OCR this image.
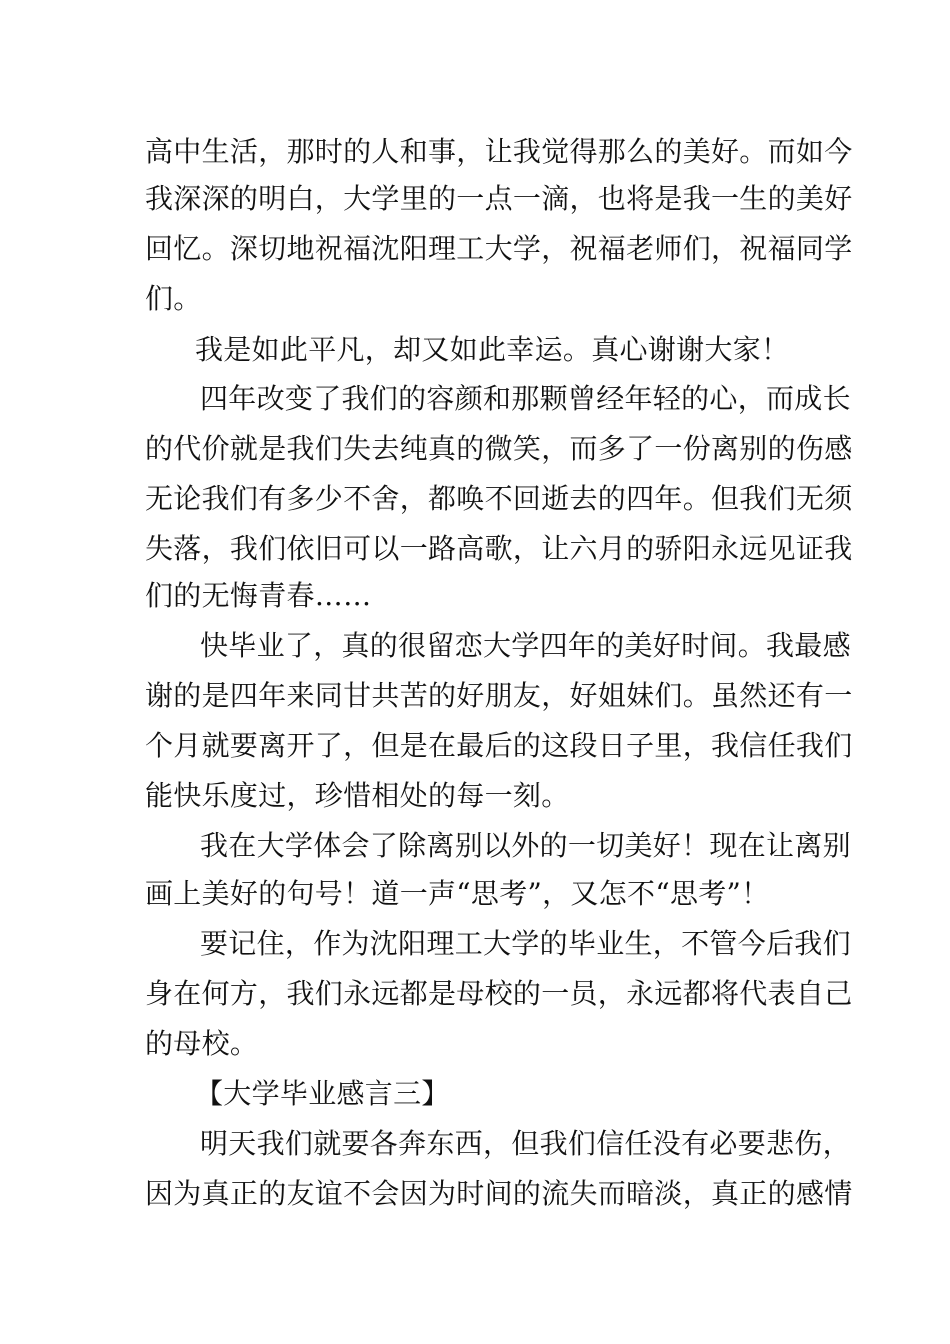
高中生活，那时的人和事，让我觉得那么的美好。而如今
我深深的明白，大学里的一点一滴，也将是我一生的美好
回忆。深切地祝福沈阳理工大学，祝福老师们，祝福同学
们。
我是如此平凡，却又如此幸运。真心谢谢大家！
四年改变了我们的容颜和那颗曾经年轻的心，而成长
的代价就是我们失去纯真的微笑，而多了一份离别的伤感
无论我们有多少不舍，都唤不回逝去的四年。但我们无须
失落，我们依旧可以一路高歌，让六月的骄阳永远见证我
们的无悔青春……
快毕业了，真的很留恋大学四年的美好时间。我最感
谢的是四年来同甘共苦的好朋友，好姐妹们。虽然还有一
个月就要离开了，但是在最后的这段日子里，我信任我们
能快乐度过，珍惜相处的每一刻。
我在大学体会了除离别以外的一切美好！现在让离别
画上美好的句号！道一声“思考”，又怎不“思考”！
要记住，作为沈阳理工大学的毕业生，不管今后我们
身在何方，我们永远都是母校的一员，永远都将代表自己
的母校。
【大学毕业感言三】
明天我们就要各奔东西，但我们信任没有必要悲伤，
因为真正的友谊不会因为时间的流失而暗淡，真正的感情
